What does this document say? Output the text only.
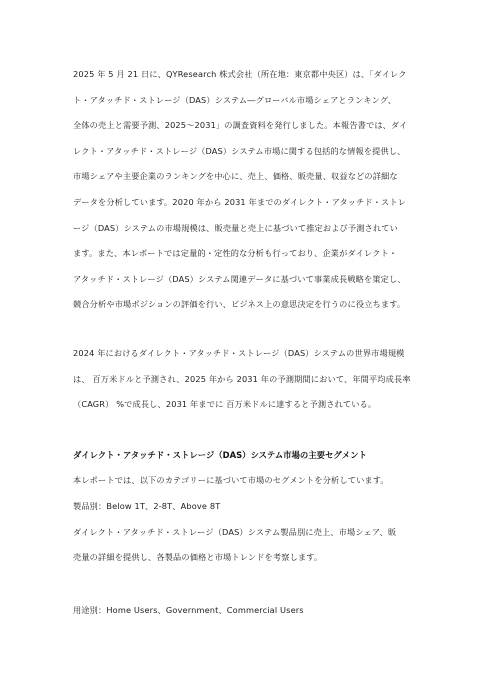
2025 年 5 月 21 日に、QYResearch 株式会社（所在地：東京都中央区）は、「ダイレク
ト・アタッチド・ストレージ（DAS）システム―グローバル市場シェアとランキング、
全体の売上と需要予測、2025〜2031」の調査資料を発行しました。本報告書では、ダイ
レクト・アタッチド・ストレージ（DAS）システム市場に関する包括的な情報を提供し、
市場シェアや主要企業のランキングを中心に、売上、価格、販売量、収益などの詳細な
データを分析しています。2020 年から 2031 年までのダイレクト・アタッチド・ストレ
ージ（DAS）システムの市場規模は、販売量と売上に基づいて推定および予測されてい
ます。また、本レポートでは定量的・定性的な分析も行っており、企業がダイレクト・
アタッチド・ストレージ（DAS）システム関連データに基づいて事業成長戦略を策定し、
競合分析や市場ポジションの評価を行い、ビジネス上の意思決定を行うのに役立ちます。

2024 年におけるダイレクト・アタッチド・ストレージ（DAS）システムの世界市場規模
は、 百万米ドルと予測され、2025 年から 2031 年の予測期間において、年間平均成長率
（CAGR） %で成長し、2031 年までに 百万米ドルに達すると予測されている。

ダイレクト・アタッチド・ストレージ（DAS）システム市場の主要セグメント

本レポートでは、以下のカテゴリーに基づいて市場のセグメントを分析しています。

製品別：Below 1T、2-8T、Above 8T

ダイレクト・アタッチド・ストレージ（DAS）システム製品別に売上、市場シェア、販
売量の詳細を提供し、各製品の価格と市場トレンドを考察します。

用途別：Home Users、Government、Commercial Users
